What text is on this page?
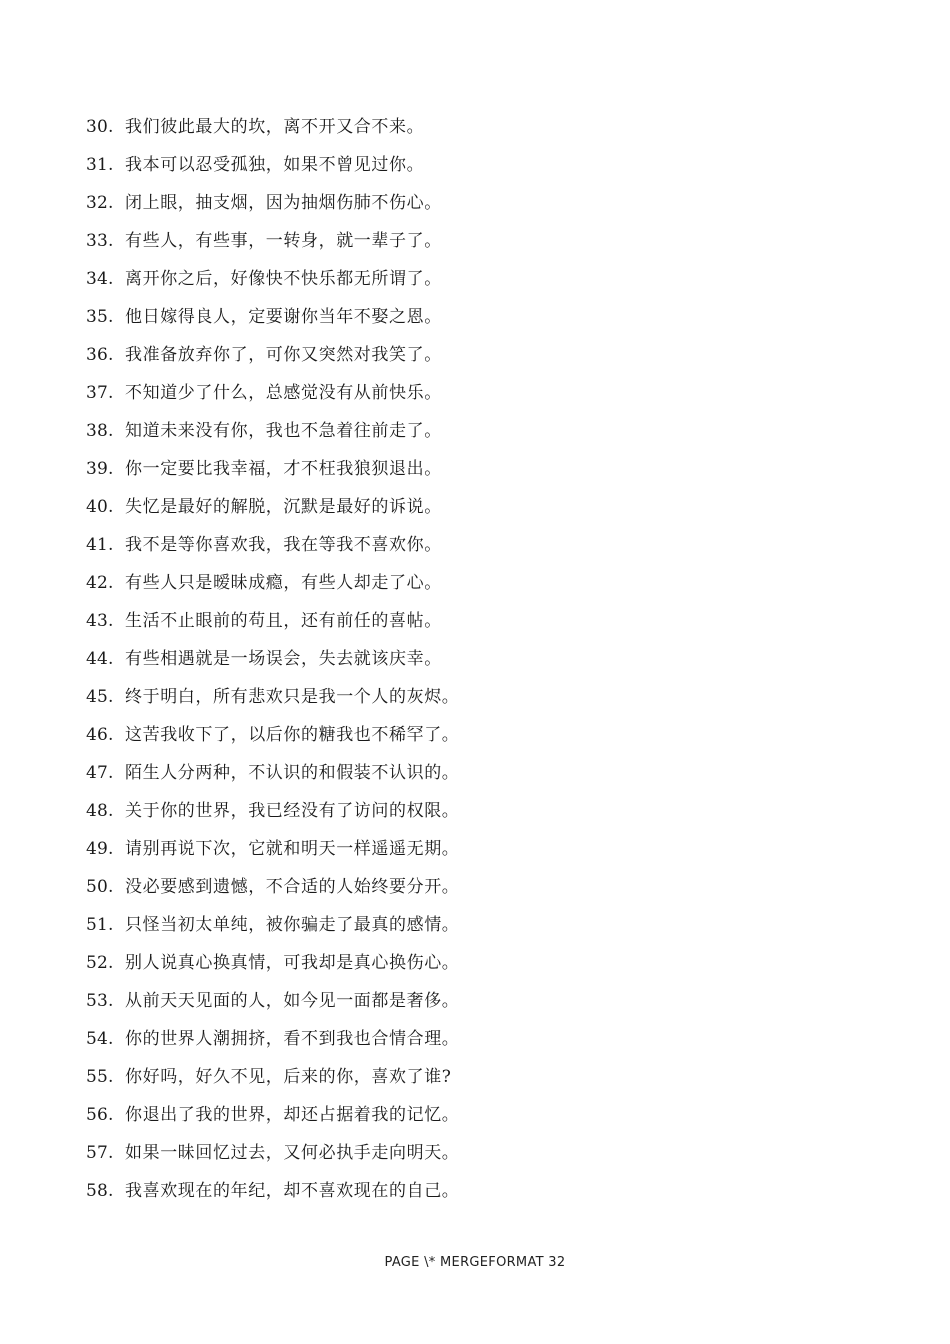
30. 我们彼此最大的坎，离不开又合不来。
31. 我本可以忍受孤独，如果不曾见过你。
32. 闭上眼，抽支烟，因为抽烟伤肺不伤心。
33. 有些人，有些事，一转身，就一辈子了。
34. 离开你之后，好像快不快乐都无所谓了。
35. 他日嫁得良人，定要谢你当年不娶之恩。
36. 我准备放弃你了，可你又突然对我笑了。
37. 不知道少了什么，总感觉没有从前快乐。
38. 知道未来没有你，我也不急着往前走了。
39. 你一定要比我幸福，才不枉我狼狈退出。
40. 失忆是最好的解脱，沉默是最好的诉说。
41. 我不是等你喜欢我，我在等我不喜欢你。
42. 有些人只是暧昧成瘾，有些人却走了心。
43. 生活不止眼前的苟且，还有前任的喜帖。
44. 有些相遇就是一场误会，失去就该庆幸。
45. 终于明白，所有悲欢只是我一个人的灰烬。
46. 这苦我收下了，以后你的糖我也不稀罕了。
47. 陌生人分两种，不认识的和假装不认识的。
48. 关于你的世界，我已经没有了访问的权限。
49. 请别再说下次，它就和明天一样遥遥无期。
50. 没必要感到遗憾，不合适的人始终要分开。
51. 只怪当初太单纯，被你骗走了最真的感情。
52. 别人说真心换真情，可我却是真心换伤心。
53. 从前天天见面的人，如今见一面都是奢侈。
54. 你的世界人潮拥挤，看不到我也合情合理。
55. 你好吗，好久不见，后来的你，喜欢了谁?
56. 你退出了我的世界，却还占据着我的记忆。
57. 如果一昧回忆过去，又何必执手走向明天。
58. 我喜欢现在的年纪，却不喜欢现在的自己。
PAGE \* MERGEFORMAT 32
